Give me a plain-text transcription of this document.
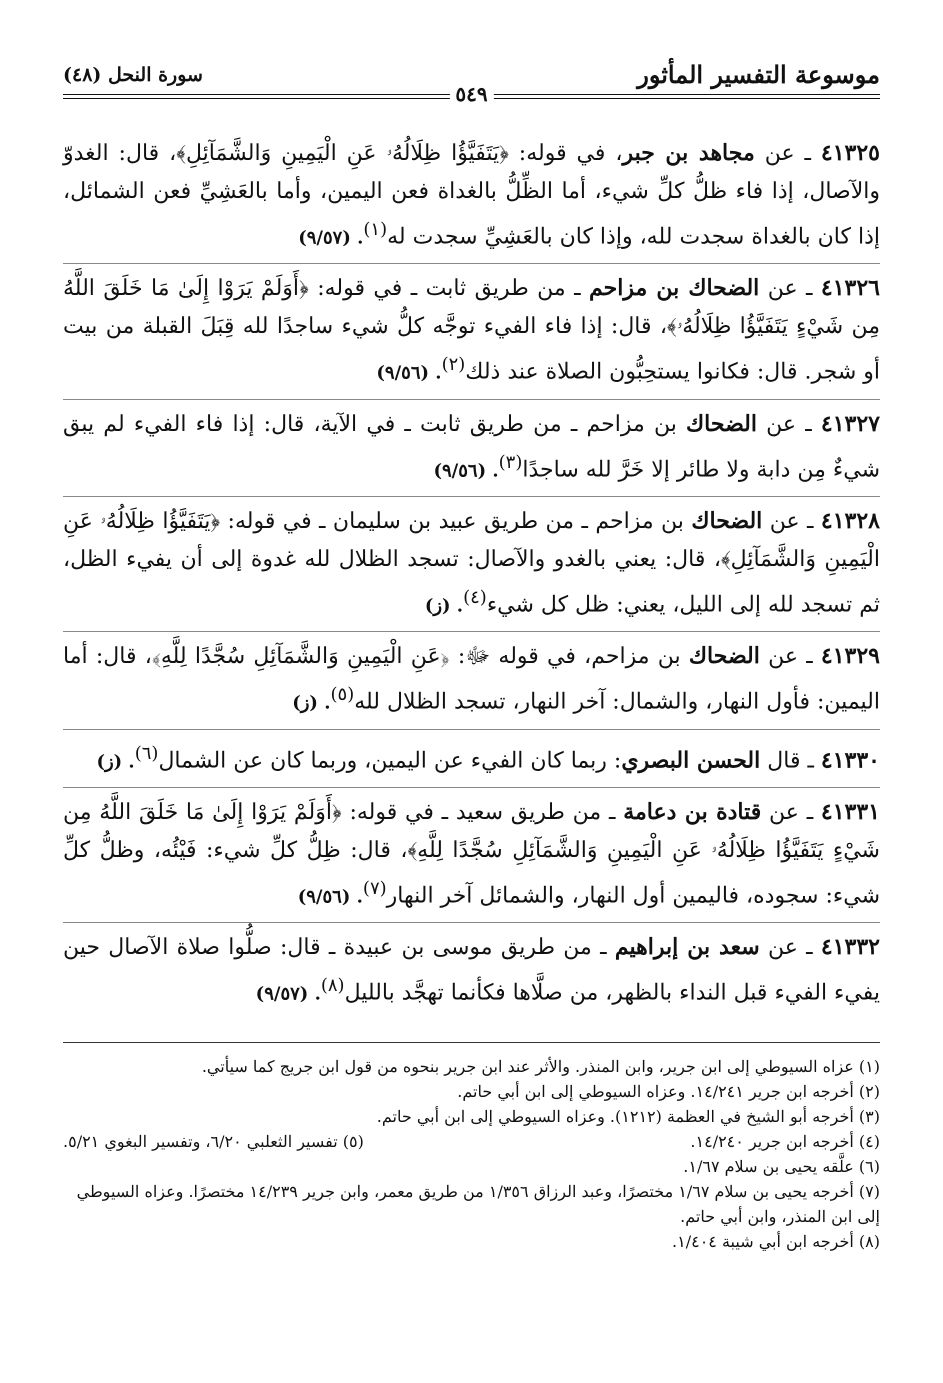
موسوعة التفسير المأثور
سورة النحل (٤٨)
٥٤٩

٤١٣٢٥ ـ عن مجاهد بن جبر، في قوله: ﴿يَتَفَيَّؤُا ظِلَالُهُۥ عَنِ الْيَمِينِ وَالشَّمَآئِلِ﴾، قال: الغدوّ والآصال، إذا فاء ظلُّ كلِّ شيء، أما الظِّلُّ بالغداة فعن اليمين، وأما بالعَشِيِّ فعن الشمائل، إذا كان بالغداة سجدت لله، وإذا كان بالعَشِيِّ سجدت له$^{(١)}$. (٩/٥٧)

٤١٣٢٦ ـ عن الضحاك بن مزاحم ـ من طريق ثابت ـ في قوله: ﴿أَوَلَمْ يَرَوْا إِلَىٰ مَا خَلَقَ اللَّهُ مِن شَيْءٍ يَتَفَيَّؤُا ظِلَالُهُۥ﴾، قال: إذا فاء الفيء توجَّه كلُّ شيء ساجدًا لله قِبَلَ القبلة من بيت أو شجر. قال: فكانوا يستحِبُّون الصلاة عند ذلك$^{(٢)}$. (٩/٥٦)

٤١٣٢٧ ـ عن الضحاك بن مزاحم ـ من طريق ثابت ـ في الآية، قال: إذا فاء الفيء لم يبق شيءٌ مِن دابة ولا طائر إلا خَرَّ لله ساجدًا$^{(٣)}$. (٩/٥٦)

٤١٣٢٨ ـ عن الضحاك بن مزاحم ـ من طريق عبيد بن سليمان ـ في قوله: ﴿يَتَفَيَّؤُا ظِلَالُهُۥ عَنِ الْيَمِينِ وَالشَّمَآئِلِ﴾، قال: يعني بالغدو والآصال: تسجد الظلال لله غدوة إلى أن يفيء الظل، ثم تسجد لله إلى الليل، يعني: ظل كل شيء$^{(٤)}$. (ز)

٤١٣٢٩ ـ عن الضحاك بن مزاحم، في قوله ﷻ: ﴿عَنِ الْيَمِينِ وَالشَّمَآئِلِ سُجَّدًا لِلَّهِ﴾، قال: أما اليمين: فأول النهار، والشمال: آخر النهار، تسجد الظلال لله$^{(٥)}$. (ز)

٤١٣٣٠ ـ قال الحسن البصري: ربما كان الفيء عن اليمين، وربما كان عن الشمال$^{(٦)}$. (ز)

٤١٣٣١ ـ عن قتادة بن دعامة ـ من طريق سعيد ـ في قوله: ﴿أَوَلَمْ يَرَوْا إِلَىٰ مَا خَلَقَ اللَّهُ مِن شَيْءٍ يَتَفَيَّؤُا ظِلَالُهُۥ عَنِ الْيَمِينِ وَالشَّمَآئِلِ سُجَّدًا لِلَّهِ﴾، قال: ظِلُّ كلِّ شيء: فَيْئُه، وظلُّ كلِّ شيء: سجوده، فاليمين أول النهار، والشمائل آخر النهار$^{(٧)}$. (٩/٥٦)

٤١٣٣٢ ـ عن سعد بن إبراهيم ـ من طريق موسى بن عبيدة ـ قال: صلُّوا صلاة الآصال حين يفيء الفيء قبل النداء بالظهر، من صلَّاها فكأنما تهجَّد بالليل$^{(٨)}$. (٩/٥٧)

(١) عزاه السيوطي إلى ابن جرير، وابن المنذر. والأثر عند ابن جرير بنحوه من قول ابن جريج كما سيأتي.

(٢) أخرجه ابن جرير ١٤/٢٤١. وعزاه السيوطي إلى ابن أبي حاتم.

(٣) أخرجه أبو الشيخ في العظمة (١٢١٢). وعزاه السيوطي إلى ابن أبي حاتم.

(٤) أخرجه ابن جرير ١٤/٢٤٠.
(٥) تفسير الثعلبي ٦/٢٠، وتفسير البغوي ٥/٢١.

(٦) علَّقه يحيى بن سلام ١/٦٧.

(٧) أخرجه يحيى بن سلام ١/٦٧ مختصرًا، وعبد الرزاق ١/٣٥٦ من طريق معمر، وابن جرير ١٤/٢٣٩ مختصرًا. وعزاه السيوطي إلى ابن المنذر، وابن أبي حاتم.

(٨) أخرجه ابن أبي شيبة ١/٤٠٤.
